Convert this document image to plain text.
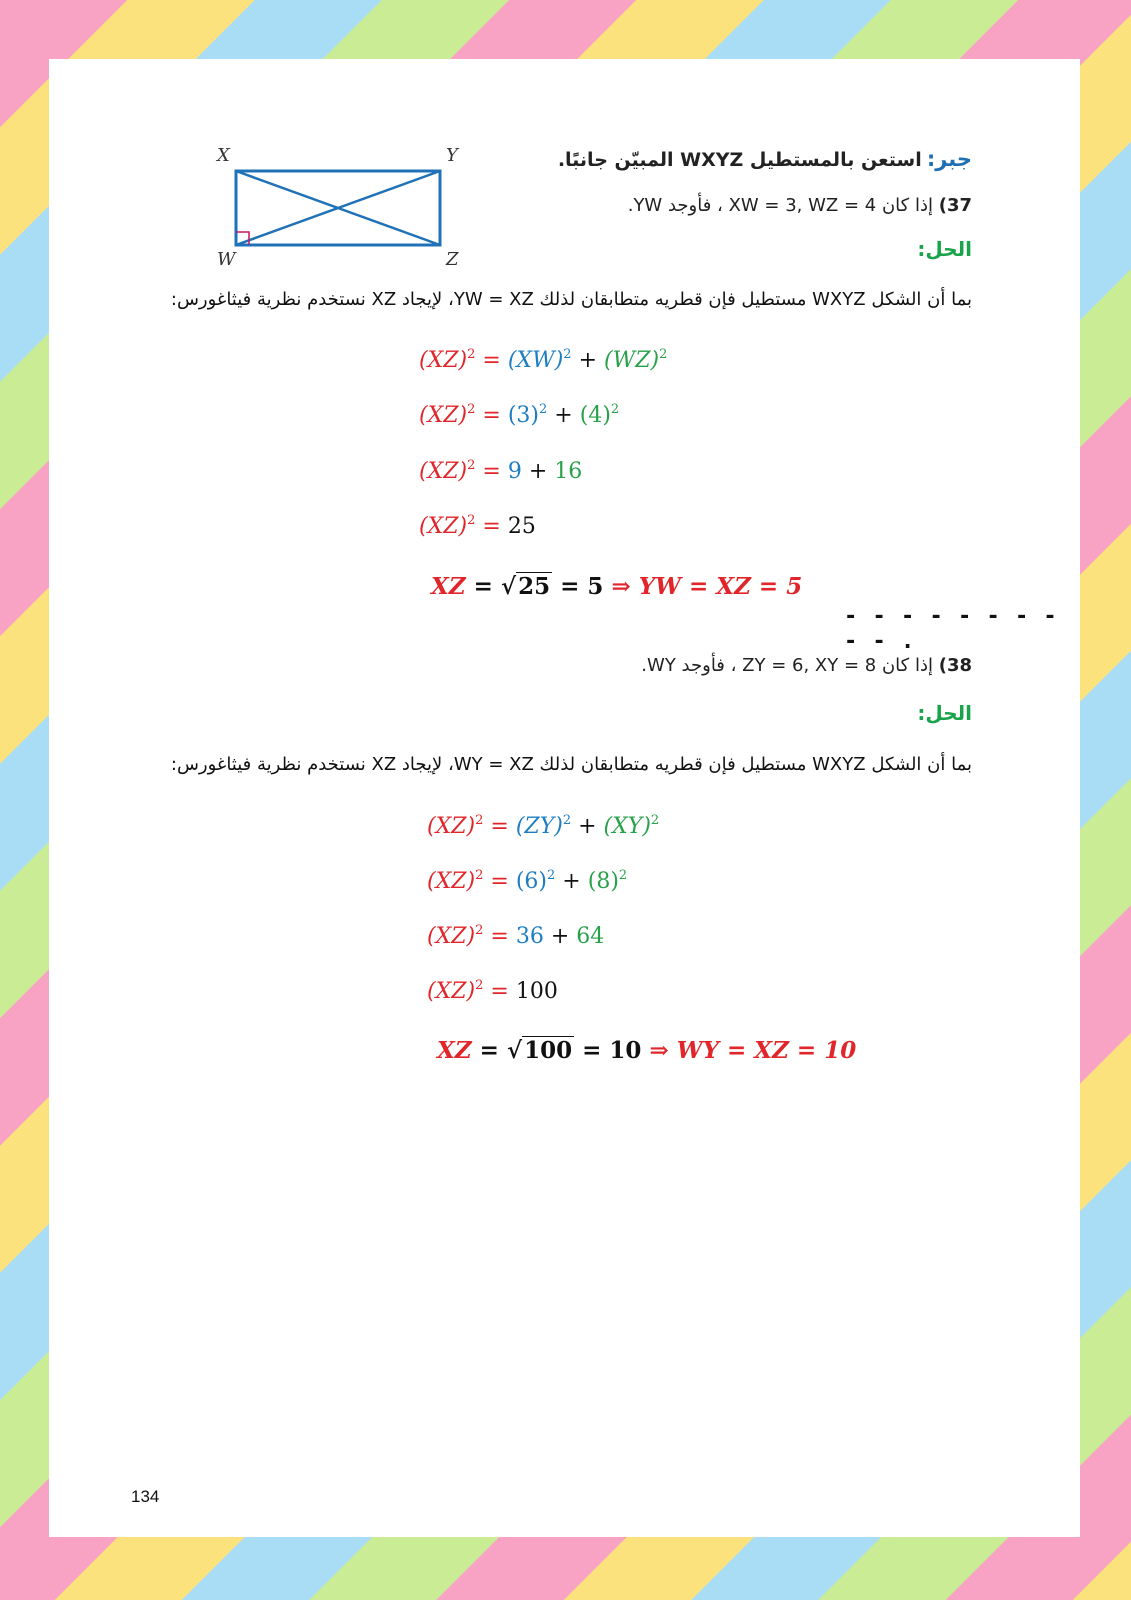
X	Y
W	Z
جبر: استعن بالمستطيل WXYZ المبيّن جانبًا.
37) إذا كان XW = 3, WZ = 4 ، فأوجد YW.
الحل:
بما أن الشكل WXYZ مستطيل فإن قطريه متطابقان لذلك YW = XZ، لإيجاد XZ نستخدم نظرية فيثاغورس:
(XZ)$^2$ = (XW)$^2$ + (WZ)$^2$
$(XZ)^2 = (3)^2 + (4)^2$
(XZ)$^2$ = 9 + 16
(XZ)$^2$ = 25
XZ = √25 = 5 ⇒ YW = XZ = 5
- - - - - - - - - - .
38) إذا كان ZY = 6, XY = 8 ، فأوجد WY.
الحل:
بما أن الشكل WXYZ مستطيل فإن قطريه متطابقان لذلك WY = XZ، لإيجاد XZ نستخدم نظرية فيثاغورس:
(XZ)$^2$ = (ZY)$^2$ + (XY)$^2$
$(XZ)^2 = (6)^2 + (8)^2$
(XZ)$^2$ = 36 + 64
(XZ)$^2$ = 100
XZ = √100 = 10 ⇒ WY = XZ = 10
134
